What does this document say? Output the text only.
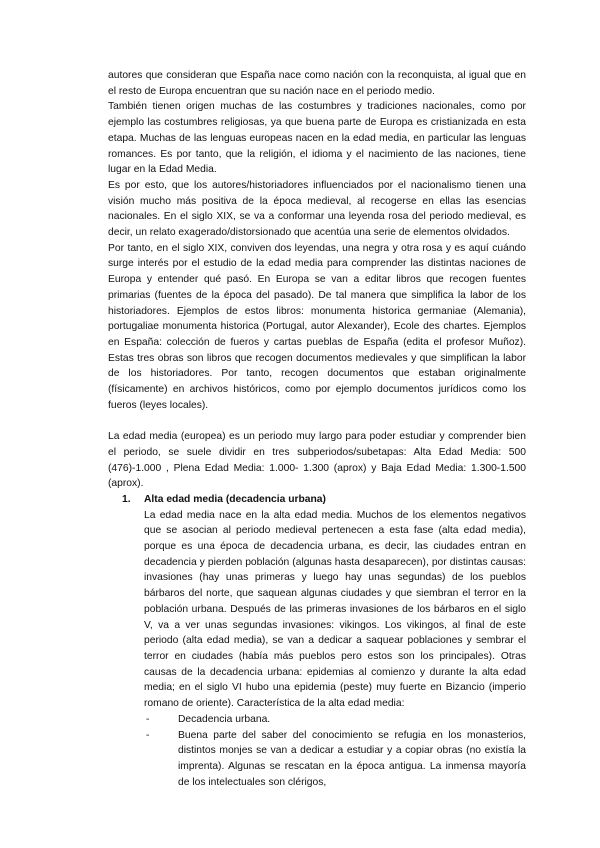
autores que consideran que España nace como nación con la reconquista, al igual que en el resto de Europa encuentran que su nación nace en el periodo medio.

También tienen origen muchas de las costumbres y tradiciones nacionales, como por ejemplo las costumbres religiosas, ya que buena parte de Europa es cristianizada en esta etapa. Muchas de las lenguas europeas nacen en la edad media, en particular las lenguas romances. Es por tanto, que la religión, el idioma y el nacimiento de las naciones, tiene lugar en la Edad Media.

Es por esto, que los autores/historiadores influenciados por el nacionalismo tienen una visión mucho más positiva de la época medieval, al recogerse en ellas las esencias nacionales. En el siglo XIX, se va a conformar una leyenda rosa del periodo medieval, es decir, un relato exagerado/distorsionado que acentúa una serie de elementos olvidados.

Por tanto, en el siglo XIX, conviven dos leyendas, una negra y otra rosa y es aquí cuándo surge interés por el estudio de la edad media para comprender las distintas naciones de Europa y entender qué pasó. En Europa se van a editar libros que recogen fuentes primarias (fuentes de la época del pasado). De tal manera que simplifica la labor de los historiadores. Ejemplos de estos libros: monumenta historica germaniae (Alemania), portugaliae monumenta historica (Portugal, autor Alexander), Ecole des chartes. Ejemplos en España: colección de fueros y cartas pueblas de España (edita el profesor Muñoz). Estas tres obras son libros que recogen documentos medievales y que simplifican la labor de los historiadores. Por tanto, recogen documentos que estaban originalmente (físicamente) en archivos históricos, como por ejemplo documentos jurídicos como los fueros (leyes locales).

La edad media (europea) es un periodo muy largo para poder estudiar y comprender bien el periodo, se suele dividir en tres subperiodos/subetapas: Alta Edad Media: 500 (476)-1.000 , Plena Edad Media: 1.000- 1.300 (aprox) y Baja Edad Media: 1.300-1.500 (aprox).

1.	Alta edad media (decadencia urbana)

La edad media nace en la alta edad media. Muchos de los elementos negativos que se asocian al periodo medieval pertenecen a esta fase (alta edad media), porque es una época de decadencia urbana, es decir, las ciudades entran en decadencia y pierden población (algunas hasta desaparecen), por distintas causas: invasiones (hay unas primeras y luego hay unas segundas) de los pueblos bárbaros del norte, que saquean algunas ciudades y que siembran el terror en la población urbana. Después de las primeras invasiones de los bárbaros en el siglo V, va a ver unas segundas invasiones: vikingos. Los vikingos, al final de este periodo (alta edad media), se van a dedicar a saquear poblaciones y sembrar el terror en ciudades (había más pueblos pero estos son los principales). Otras causas de la decadencia urbana: epidemias al comienzo y durante la alta edad media; en el siglo VI hubo una epidemia (peste) muy fuerte en Bizancio (imperio romano de oriente). Característica de la alta edad media:

-	Decadencia urbana.

-	Buena parte del saber del conocimiento se refugia en los monasterios, distintos monjes se van a dedicar a estudiar y a copiar obras (no existía la imprenta). Algunas se rescatan en la época antigua. La inmensa mayoría de los intelectuales son clérigos,
